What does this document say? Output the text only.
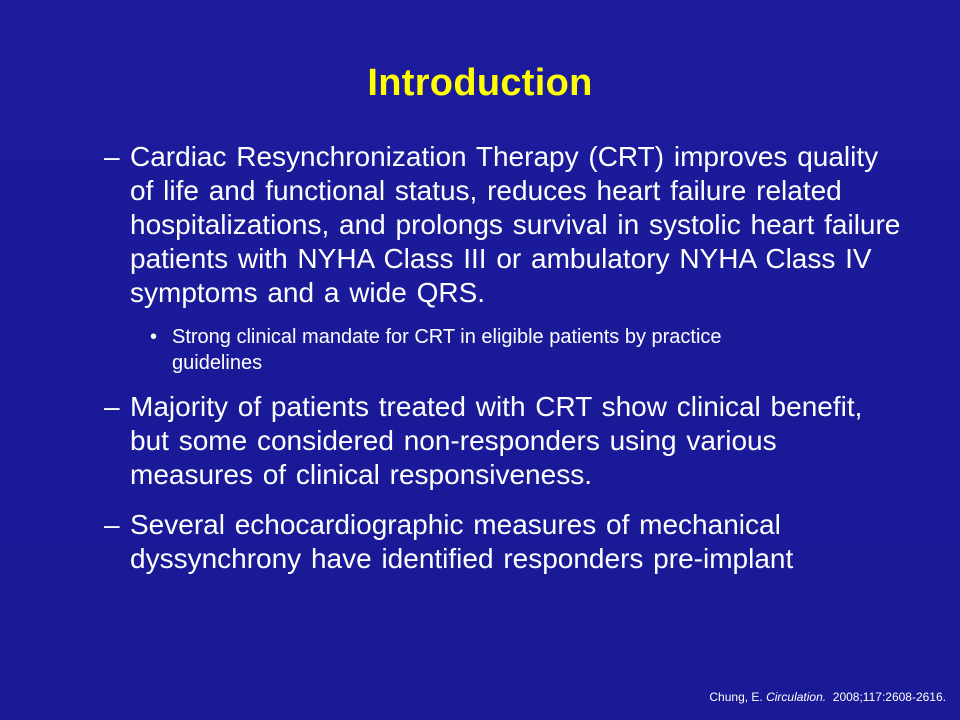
Introduction
– Cardiac Resynchronization Therapy (CRT) improves quality of life and functional status, reduces heart failure related hospitalizations, and prolongs survival in systolic heart failure patients with NYHA Class III or ambulatory NYHA Class IV symptoms and a wide QRS.
• Strong clinical mandate for CRT in eligible patients by practice guidelines
– Majority of patients treated with CRT show clinical benefit, but some considered non-responders using various measures of clinical responsiveness.
– Several echocardiographic measures of mechanical dyssynchrony have identified responders pre-implant
Chung, E. Circulation.  2008;117:2608-2616.
